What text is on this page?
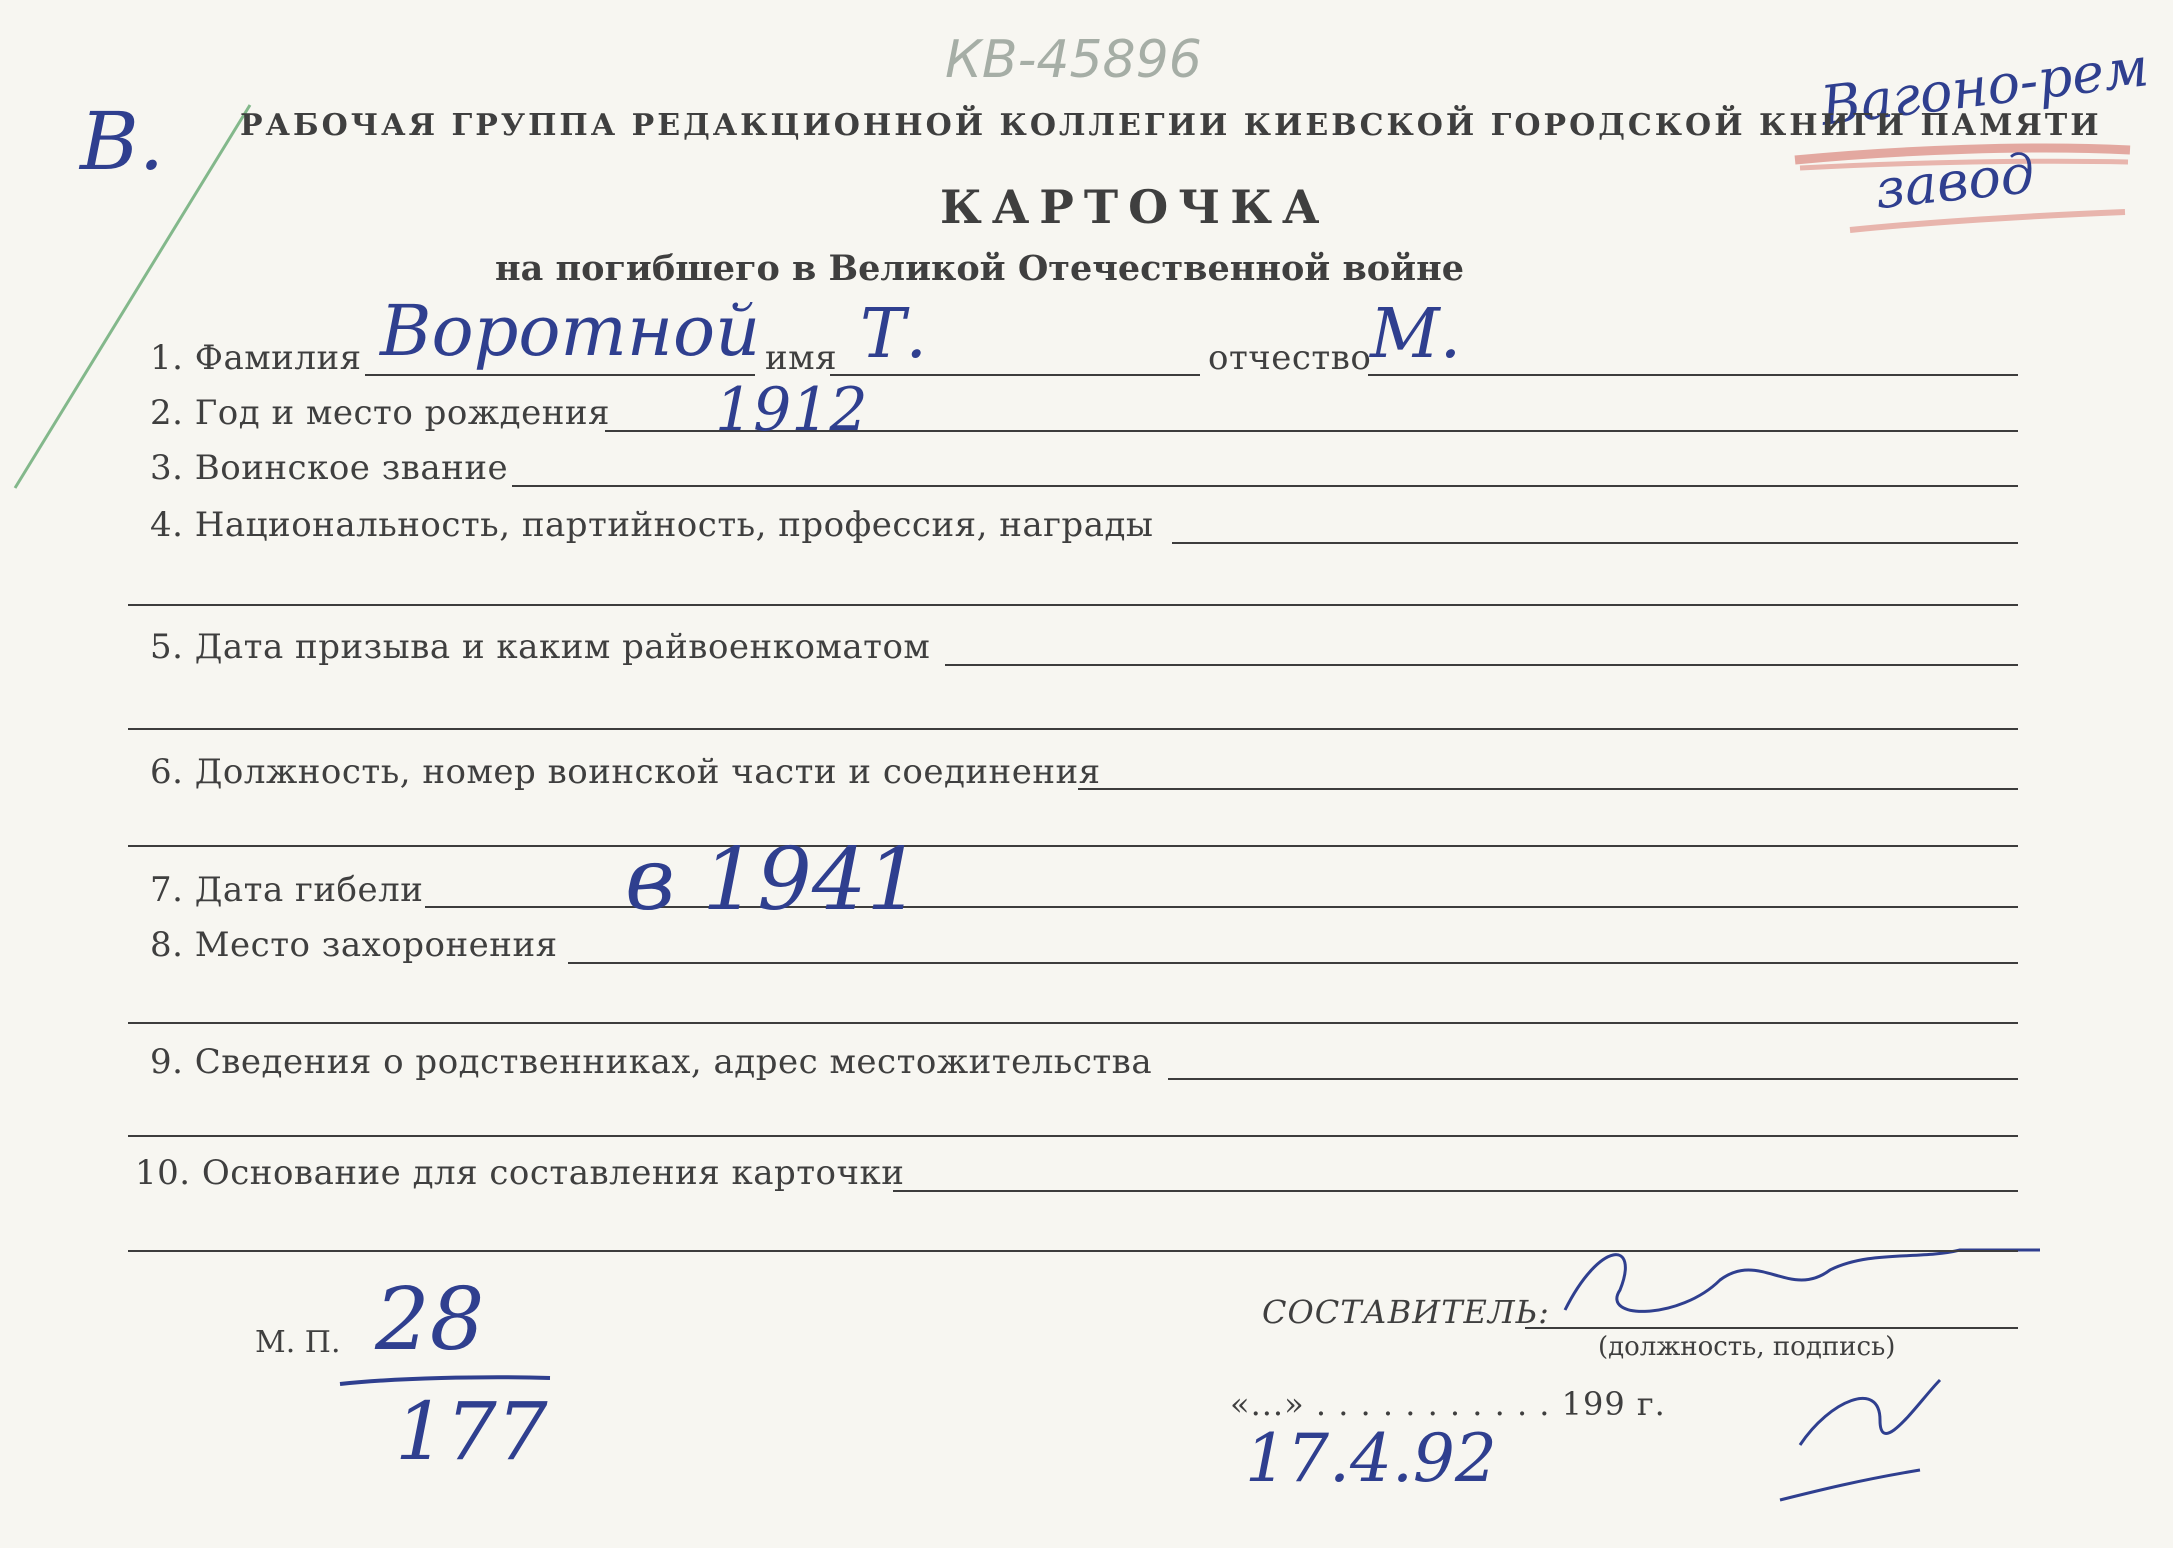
КВ-45896
В.
Вагоно-рем
завод
РАБОЧАЯ ГРУППА РЕДАКЦИОННОЙ КОЛЛЕГИИ КИЕВСКОЙ ГОРОДСКОЙ КНИГИ ПАМЯТИ
КАРТОЧКА
на погибшего в Великой Отечественной войне
1. Фамилия Воротной имя Т.	отчество
М.
2. Год и место рождения 1912
3. Воинское звание
4. Национальность, партийность, профессия, награды
5. Дата призыва и каким райвоенкоматом
6. Должность, номер воинской части и соединения
7. Дата гибели в 1941
8. Место захоронения
9. Сведения о родственниках, адрес местожительства
10. Основание для составления карточки
М. П. 28
177
СОСТАВИТЕЛЬ:
(должность, подпись)
«...» . . . . . . . . . . . 199 г.
17.4.92
